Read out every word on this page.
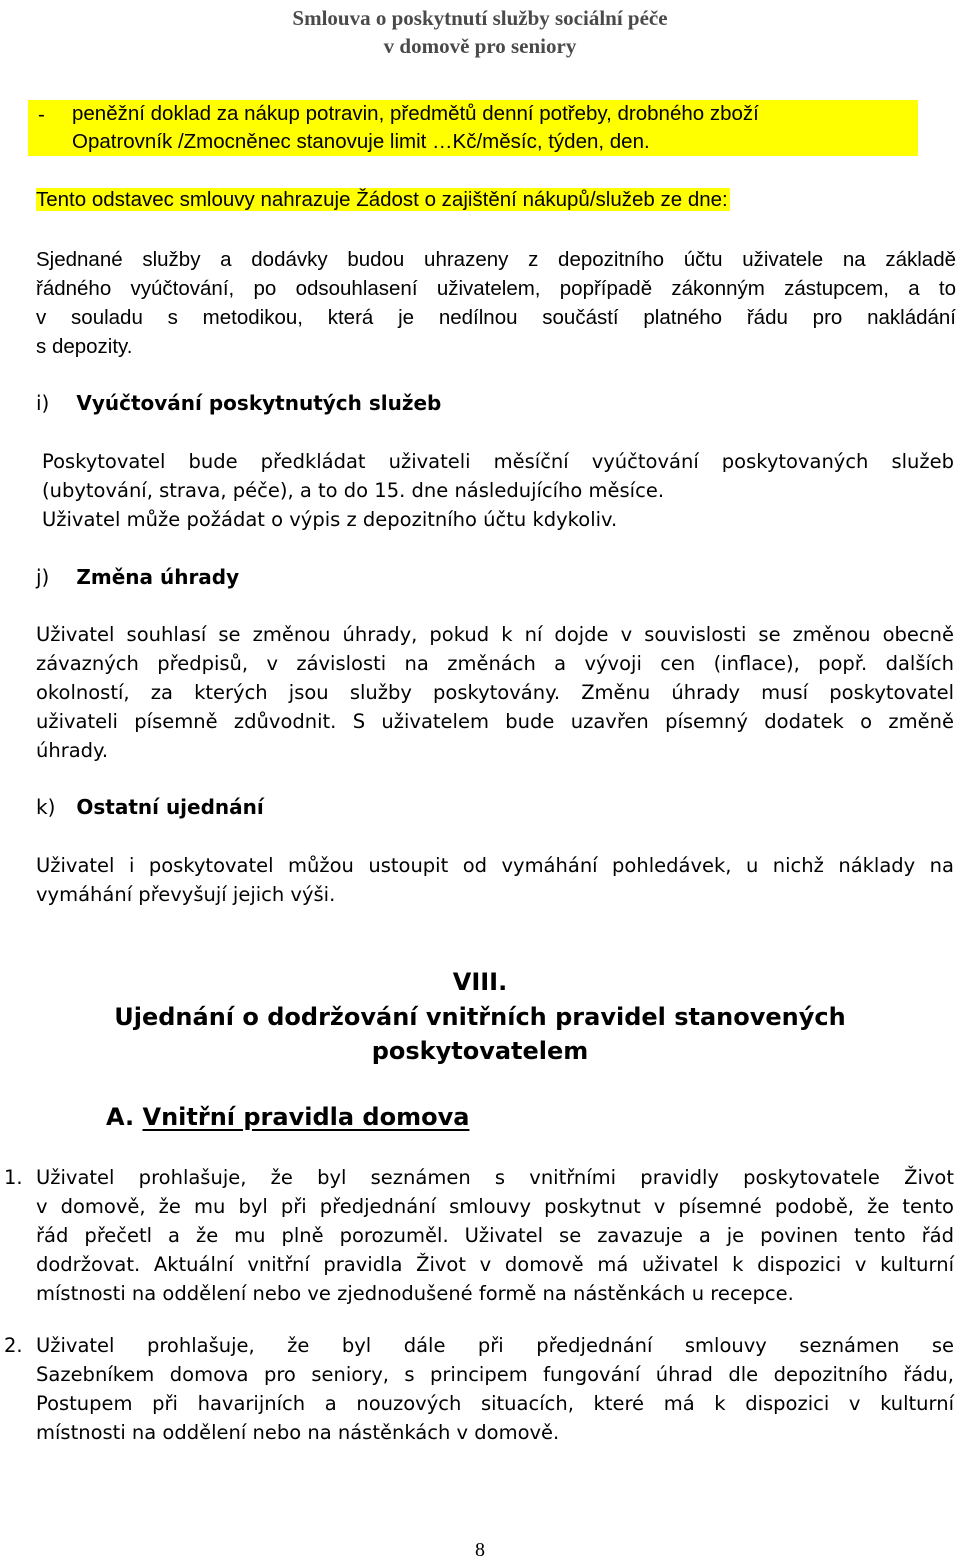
Smlouva o poskytnutí služby sociální péče
v domově pro seniory
- peněžní doklad za nákup potravin, předmětů denní potřeby, drobného zboží
Opatrovník /Zmocněnec stanovuje limit …Kč/měsíc, týden, den.
Tento odstavec smlouvy nahrazuje Žádost o zajištění nákupů/služeb ze dne:
Sjednané služby a dodávky budou uhrazeny z depozitního účtu uživatele na základě
řádného vyúčtování, po odsouhlasení uživatelem, popřípadě zákonným zástupcem, a to
v souladu s metodikou, která je nedílnou součástí platného řádu pro nakládání
s depozity.
i) Vyúčtování poskytnutých služeb
Poskytovatel bude předkládat uživateli měsíční vyúčtování poskytovaných služeb
(ubytování, strava, péče), a to do 15. dne následujícího měsíce.
Uživatel může požádat o výpis z depozitního účtu kdykoliv.
j) Změna úhrady
Uživatel souhlasí se změnou úhrady, pokud k ní dojde v souvislosti se změnou obecně
závazných předpisů, v závislosti na změnách a vývoji cen (inflace), popř. dalších
okolností, za kterých jsou služby poskytovány. Změnu úhrady musí poskytovatel
uživateli písemně zdůvodnit. S uživatelem bude uzavřen písemný dodatek o změně
úhrady.
k) Ostatní ujednání
Uživatel i poskytovatel můžou ustoupit od vymáhání pohledávek, u nichž náklady na
vymáhání převyšují jejich výši.
VIII.
Ujednání o dodržování vnitřních pravidel stanovených
poskytovatelem
A. Vnitřní pravidla domova
1. Uživatel prohlašuje, že byl seznámen s vnitřními pravidly poskytovatele Život
v domově, že mu byl při předjednání smlouvy poskytnut v písemné podobě, že tento
řád přečetl a že mu plně porozuměl. Uživatel se zavazuje a je povinen tento řád
dodržovat. Aktuální vnitřní pravidla Život v domově má uživatel k dispozici v kulturní
místnosti na oddělení nebo ve zjednodušené formě na nástěnkách u recepce.
2. Uživatel prohlašuje, že byl dále při předjednání smlouvy seznámen se
Sazebníkem domova pro seniory, s principem fungování úhrad dle depozitního řádu,
Postupem při havarijních a nouzových situacích, které má k dispozici v kulturní
místnosti na oddělení nebo na nástěnkách v domově.
8
